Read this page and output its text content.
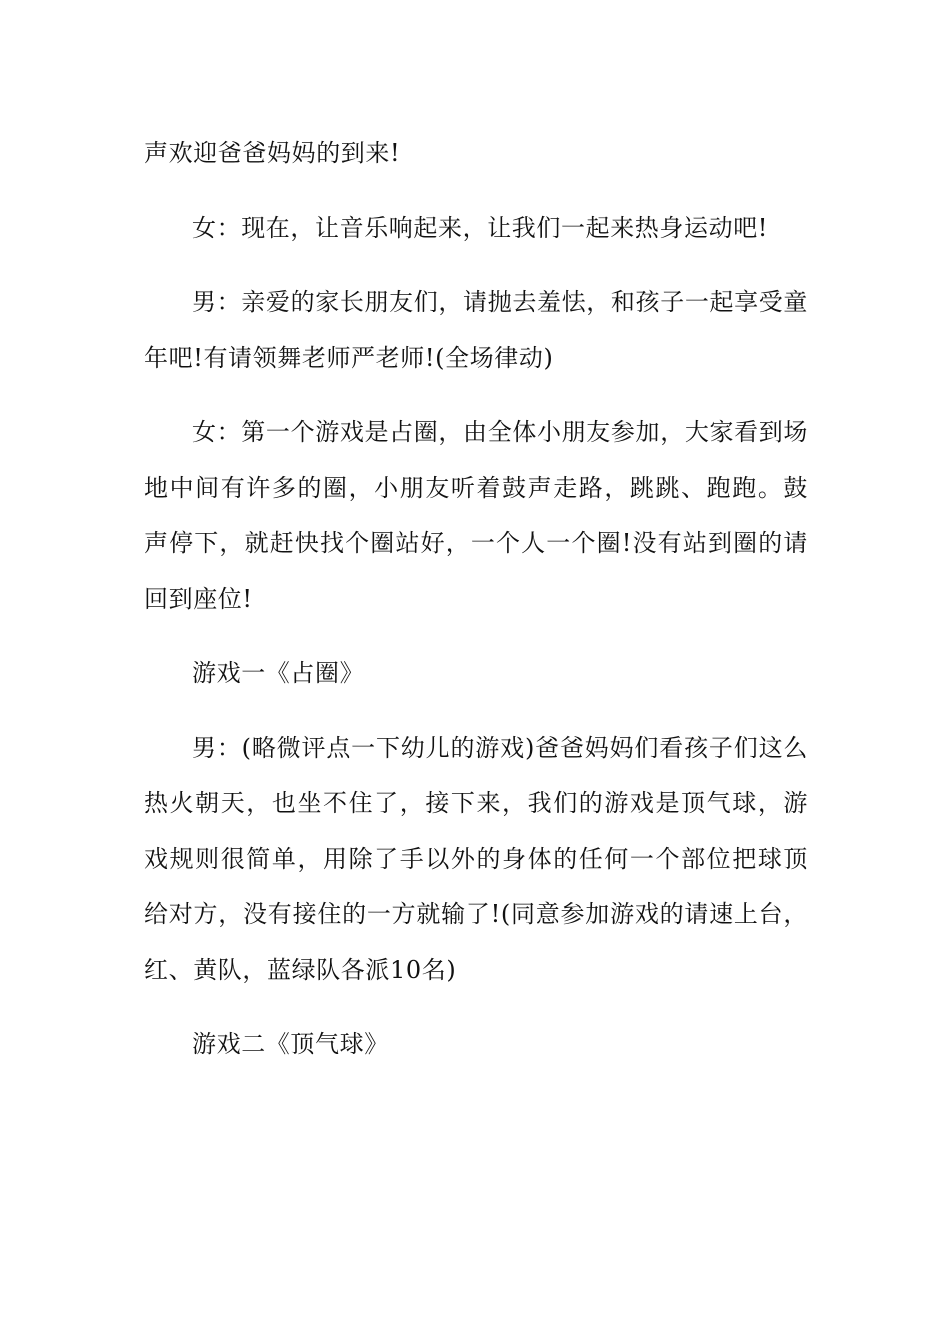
声欢迎爸爸妈妈的到来!

女：现在，让音乐响起来，让我们一起来热身运动吧!

男：亲爱的家长朋友们，请抛去羞怯，和孩子一起享受童年吧!有请领舞老师严老师!(全场律动)

女：第一个游戏是占圈，由全体小朋友参加，大家看到场地中间有许多的圈，小朋友听着鼓声走路，跳跳、跑跑。鼓声停下，就赶快找个圈站好，一个人一个圈!没有站到圈的请回到座位!

游戏一《占圈》

男：(略微评点一下幼儿的游戏)爸爸妈妈们看孩子们这么热火朝天，也坐不住了，接下来，我们的游戏是顶气球，游戏规则很简单，用除了手以外的身体的任何一个部位把球顶给对方，没有接住的一方就输了!(同意参加游戏的请速上台，红、黄队，蓝绿队各派10名)

游戏二《顶气球》
